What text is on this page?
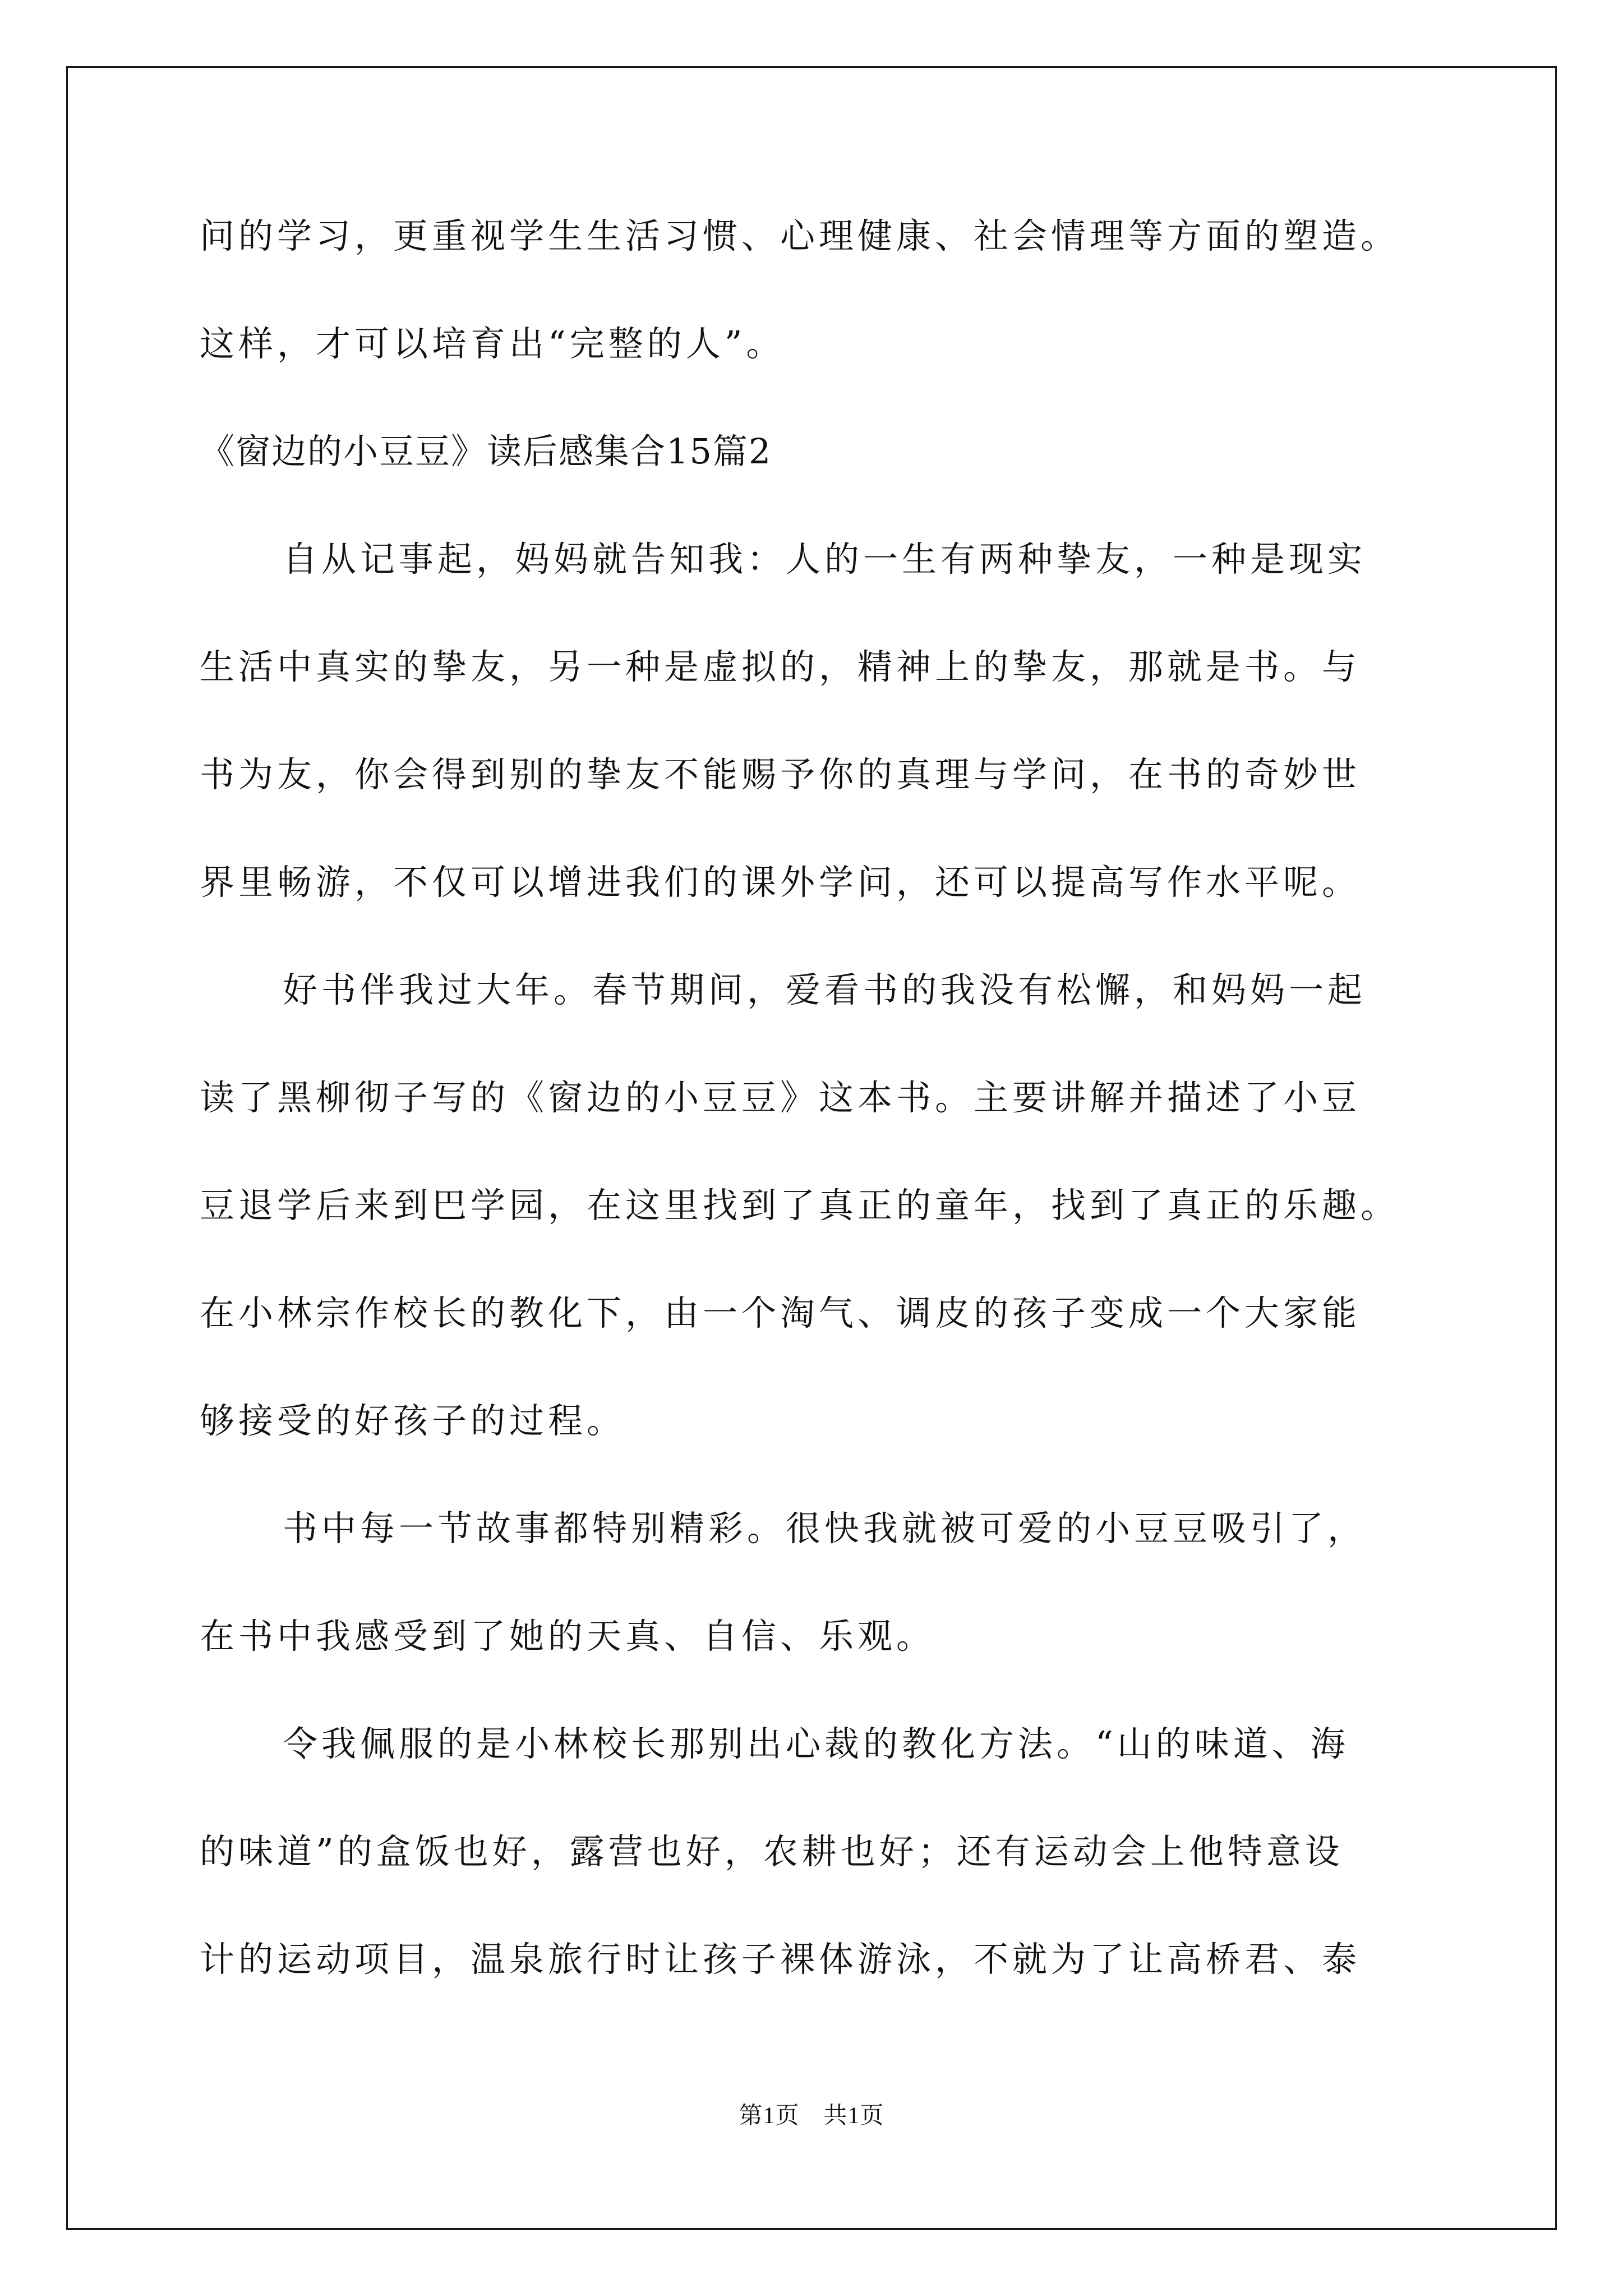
问的学习，更重视学生生活习惯、心理健康、社会情理等方面的塑造。
这样，才可以培育出“完整的人”。
《窗边的小豆豆》读后感集合15篇2
自从记事起，妈妈就告知我：人的一生有两种挚友，一种是现实
生活中真实的挚友，另一种是虚拟的，精神上的挚友，那就是书。与
书为友，你会得到别的挚友不能赐予你的真理与学问，在书的奇妙世
界里畅游，不仅可以增进我们的课外学问，还可以提高写作水平呢。
好书伴我过大年。春节期间，爱看书的我没有松懈，和妈妈一起
读了黑柳彻子写的《窗边的小豆豆》这本书。主要讲解并描述了小豆
豆退学后来到巴学园，在这里找到了真正的童年，找到了真正的乐趣。
在小林宗作校长的教化下，由一个淘气、调皮的孩子变成一个大家能
够接受的好孩子的过程。
书中每一节故事都特别精彩。很快我就被可爱的小豆豆吸引了，
在书中我感受到了她的天真、自信、乐观。
令我佩服的是小林校长那别出心裁的教化方法。“山的味道、海
的味道”的盒饭也好，露营也好，农耕也好；还有运动会上他特意设
计的运动项目，温泉旅行时让孩子裸体游泳，不就为了让高桥君、泰
第1页　共1页
